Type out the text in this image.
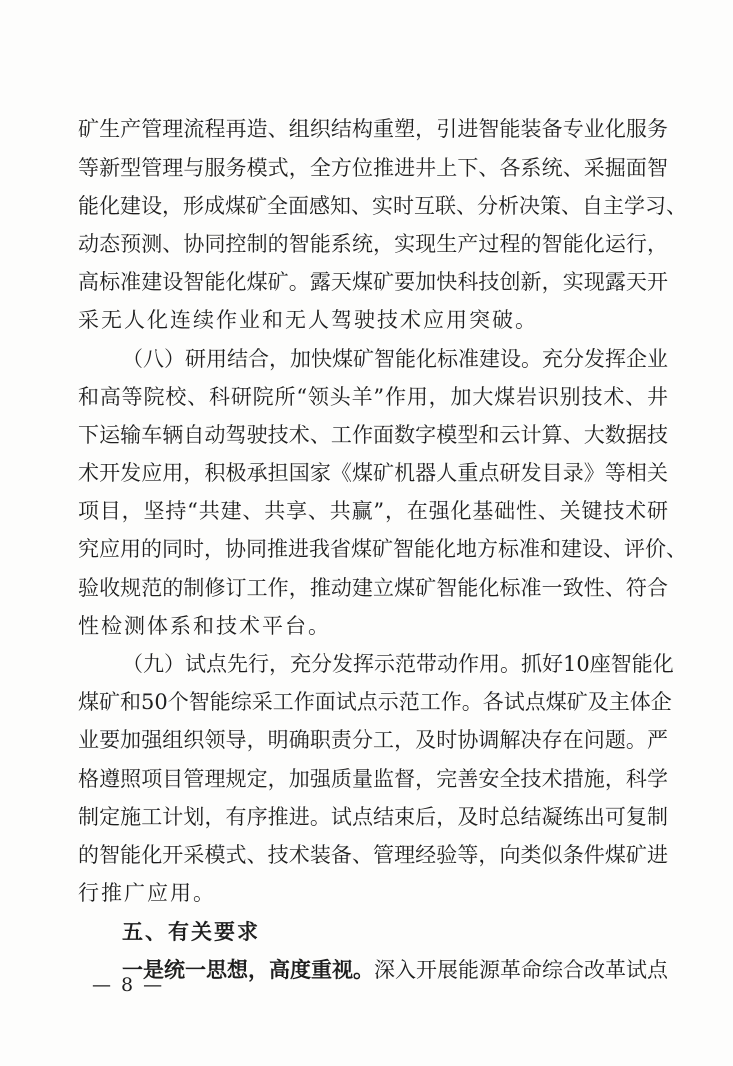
矿生产管理流程再造、组织结构重塑，引进智能装备专业化服务
等新型管理与服务模式，全方位推进井上下、各系统、采掘面智
能化建设，形成煤矿全面感知、实时互联、分析决策、自主学习、
动态预测、协同控制的智能系统，实现生产过程的智能化运行，
高标准建设智能化煤矿。露天煤矿要加快科技创新，实现露天开
采无人化连续作业和无人驾驶技术应用突破。
（八）研用结合，加快煤矿智能化标准建设。充分发挥企业
和高等院校、科研院所“领头羊”作用，加大煤岩识别技术、井
下运输车辆自动驾驶技术、工作面数字模型和云计算、大数据技
术开发应用，积极承担国家《煤矿机器人重点研发目录》等相关
项目，坚持“共建、共享、共赢”，在强化基础性、关键技术研
究应用的同时，协同推进我省煤矿智能化地方标准和建设、评价、
验收规范的制修订工作，推动建立煤矿智能化标准一致性、符合
性检测体系和技术平台。
（九）试点先行，充分发挥示范带动作用。抓好10座智能化
煤矿和50个智能综采工作面试点示范工作。各试点煤矿及主体企
业要加强组织领导，明确职责分工，及时协调解决存在问题。严
格遵照项目管理规定，加强质量监督，完善安全技术措施，科学
制定施工计划，有序推进。试点结束后，及时总结凝练出可复制
的智能化开采模式、技术装备、管理经验等，向类似条件煤矿进
行推广应用。
五、有关要求
一是统一思想，高度重视。深入开展能源革命综合改革试点
— 8 —
